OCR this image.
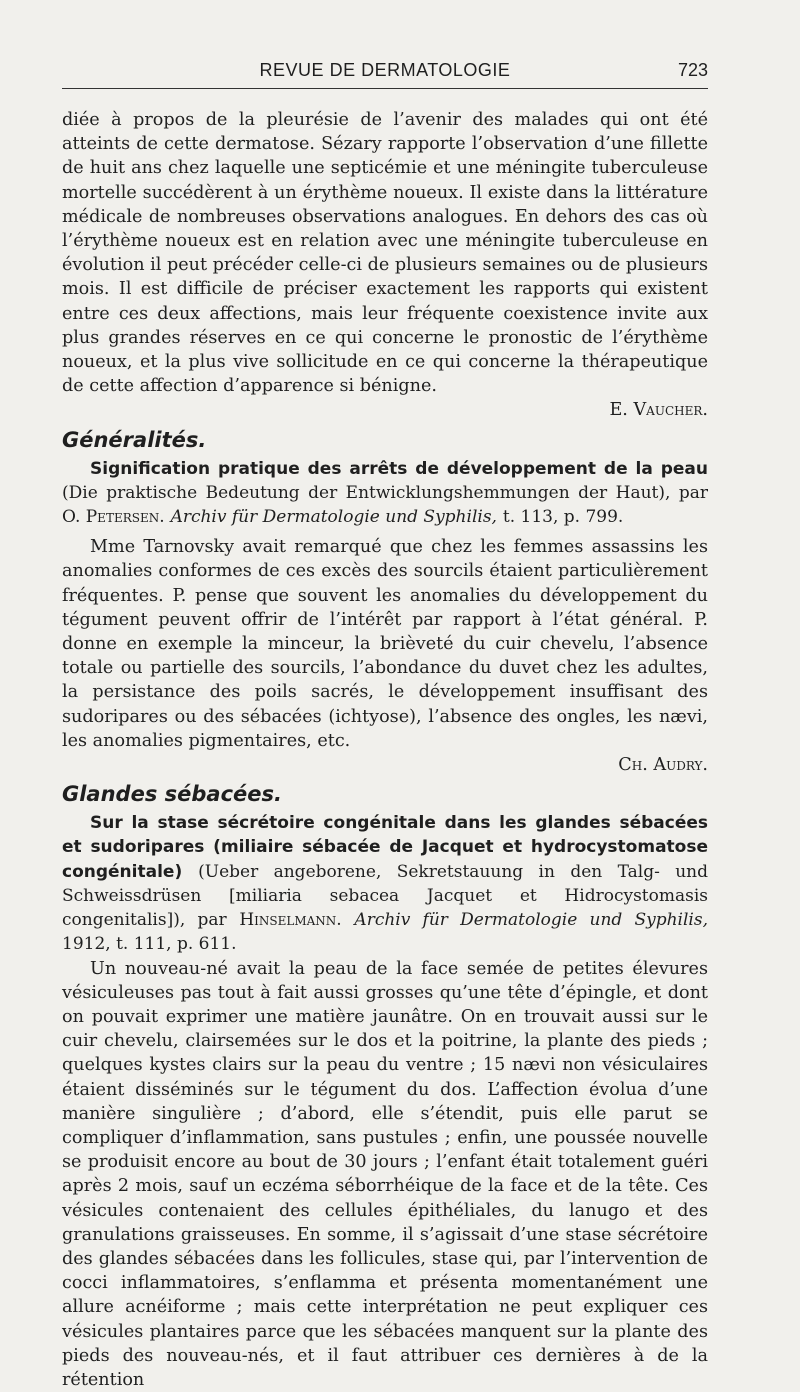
REVUE DE DERMATOLOGIE	723

diée à propos de la pleurésie de l’avenir des malades qui ont été atteints de cette dermatose. Sézary rapporte l’observation d’une fillette de huit ans chez laquelle une septicémie et une méningite tuberculeuse mortelle succédèrent à un érythème noueux. Il existe dans la littérature médicale de nombreuses observations analogues. En dehors des cas où l’érythème noueux est en relation avec une méningite tuberculeuse en évolution il peut précéder celle-ci de plusieurs semaines ou de plusieurs mois. Il est difficile de préciser exactement les rapports qui existent entre ces deux affections, mais leur fréquente coexistence invite aux plus grandes réserves en ce qui concerne le pronostic de l’érythème noueux, et la plus vive sollicitude en ce qui concerne la thérapeutique de cette affection d’apparence si bénigne.

E. Vaucher.

Généralités.

Signification pratique des arrêts de développement de la peau (Die praktische Bedeutung der Entwicklungshemmungen der Haut), par O. Petersen. Archiv für Dermatologie und Syphilis, t. 113, p. 799.

Mme Tarnovsky avait remarqué que chez les femmes assassins les anomalies conformes de ces excès des sourcils étaient particulièrement fréquentes. P. pense que souvent les anomalies du développement du tégument peuvent offrir de l’intérêt par rapport à l’état général. P. donne en exemple la minceur, la brièveté du cuir chevelu, l’absence totale ou partielle des sourcils, l’abondance du duvet chez les adultes, la persistance des poils sacrés, le développement insuffisant des sudoripares ou des sébacées (ichtyose), l’absence des ongles, les nævi, les anomalies pigmentaires, etc.

Ch. Audry.

Glandes sébacées.

Sur la stase sécrétoire congénitale dans les glandes sébacées et sudoripares (miliaire sébacée de Jacquet et hydrocystomatose congénitale) (Ueber angeborene, Sekretstauung in den Talg- und Schweissdrüsen [miliaria sebacea Jacquet et Hidrocystomasis congenitalis]), par Hinselmann. Archiv für Dermatologie und Syphilis, 1912, t. 111, p. 611.

Un nouveau-né avait la peau de la face semée de petites élevures vésiculeuses pas tout à fait aussi grosses qu’une tête d’épingle, et dont on pouvait exprimer une matière jaunâtre. On en trouvait aussi sur le cuir chevelu, clairsemées sur le dos et la poitrine, la plante des pieds ; quelques kystes clairs sur la peau du ventre ; 15 nævi non vésiculaires étaient disséminés sur le tégument du dos. L’affection évolua d’une manière singulière ; d’abord, elle s’étendit, puis elle parut se compliquer d’inflammation, sans pustules ; enfin, une poussée nouvelle se produisit encore au bout de 30 jours ; l’enfant était totalement guéri après 2 mois, sauf un eczéma séborrhéique de la face et de la tête. Ces vésicules contenaient des cellules épithéliales, du lanugo et des granulations graisseuses. En somme, il s’agissait d’une stase sécrétoire des glandes sébacées dans les follicules, stase qui, par l’intervention de cocci inflammatoires, s’enflamma et présenta momentanément une allure acnéiforme ; mais cette interprétation ne peut expliquer ces vésicules plantaires parce que les sébacées manquent sur la plante des pieds des nouveau-nés, et il faut attribuer ces dernières à de la rétention
